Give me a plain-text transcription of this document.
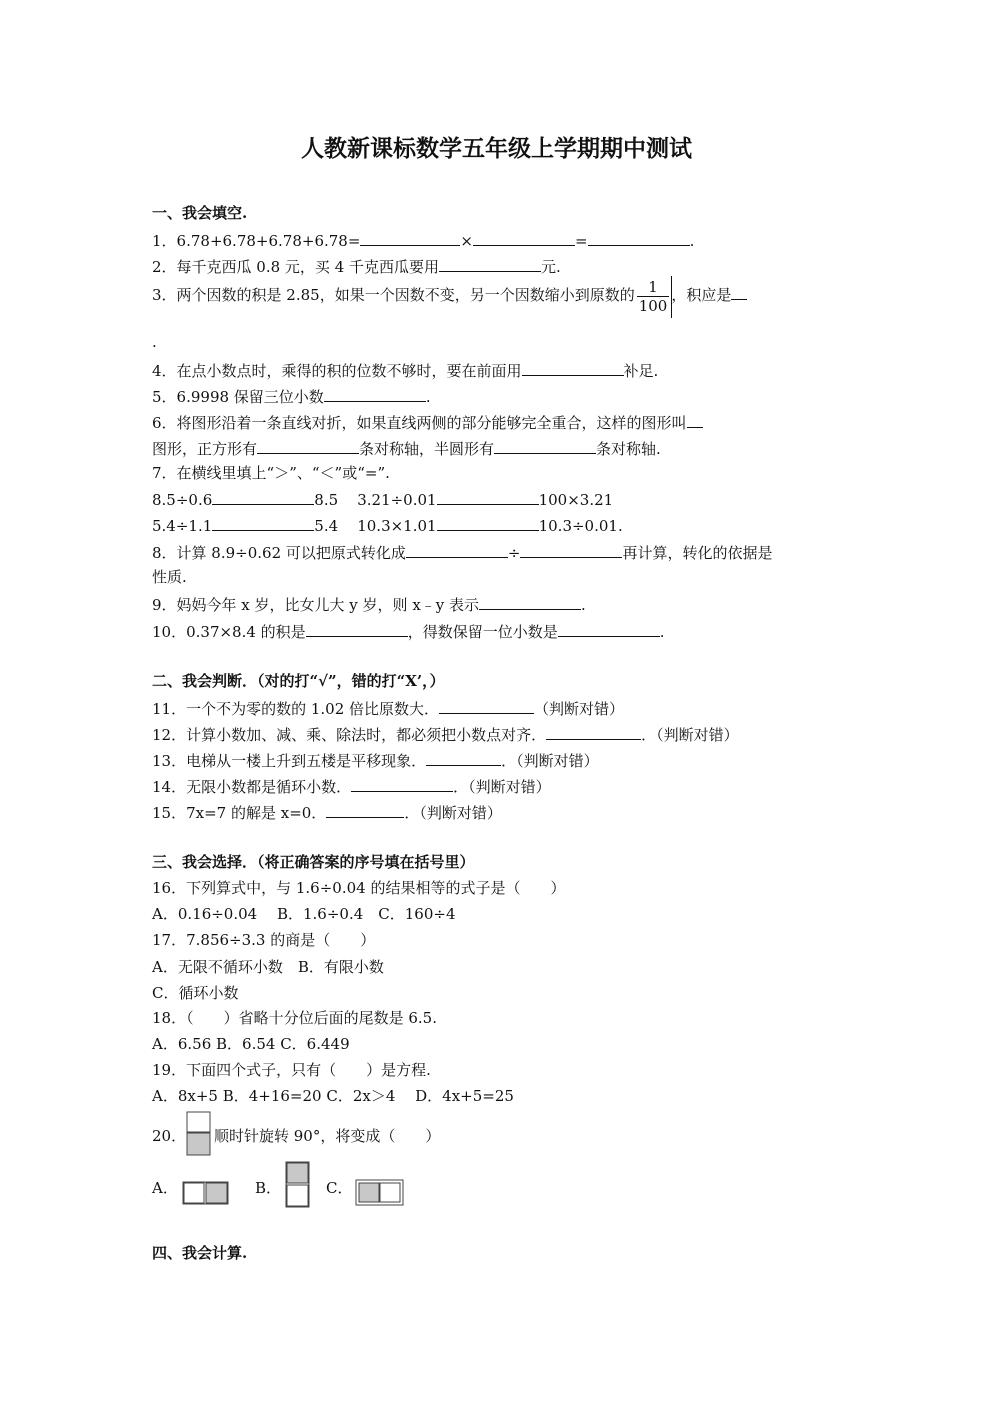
人教新课标数学五年级上学期期中测试
一、我会填空.
1．6.78+6.78+6.78+6.78=	×	=	.
2．每千克西瓜 0.8 元，买 4 千克西瓜要用	元.
3．两个因数的积是 2.85，如果一个因数不变，另一个因数缩小到原数的 $\frac{1}{100}$ ，积应是
.
4．在点小数点时，乘得的积的位数不够时，要在前面用	补足.
5．6.9998 保留三位小数	.
6．将图形沿着一条直线对折，如果直线两侧的部分能够完全重合，这样的图形叫
图形，正方形有	条对称轴，半圆形有	条对称轴.
7．在横线里填上“＞”、“＜”或“=”.
8.5÷0.6	8.5 3.21÷0.01	100×3.21
5.4÷1.1	5.4 10.3×1.01	10.3÷0.01.
8．计算 8.9÷0.62 可以把原式转化成	÷	再计算，转化的依据是
性质.
9．妈妈今年 x 岁，比女儿大 y 岁，则 x﹣y 表示	.
10．0.37×8.4 的积是	，得数保留一位小数是	.
二、我会判断．（对的打“√”，错的打“X’，）
11．一个不为零的数的 1.02 倍比原数大．	（判断对错）
12．计算小数加、减、乘、除法时，都必须把小数点对齐．	．（判断对错）
13．电梯从一楼上升到五楼是平移现象．	．（判断对错）
14．无限小数都是循环小数．	．（判断对错）
15．7x=7 的解是 x=0．	．（判断对错）
三、我会选择．（将正确答案的序号填在括号里）
16．下列算式中，与 1.6÷0.04 的结果相等的式子是（　　）
A．0.16÷0.04　 B．1.6÷0.4　C．160÷4
17．7.856÷3.3 的商是（　　）
A．无限不循环小数　B．有限小数
C．循环小数
18．（　　）省略十分位后面的尾数是 6.5.
A．6.56 B．6.54 C．6.449
19．下面四个式子，只有（　　）是方程.
A．8x+5 B．4+16=20 C．2x＞4　 D．4x+5=25
20． 顺时针旋转 90°，将变成（　　）
A．	B．	C．
四、我会计算.
